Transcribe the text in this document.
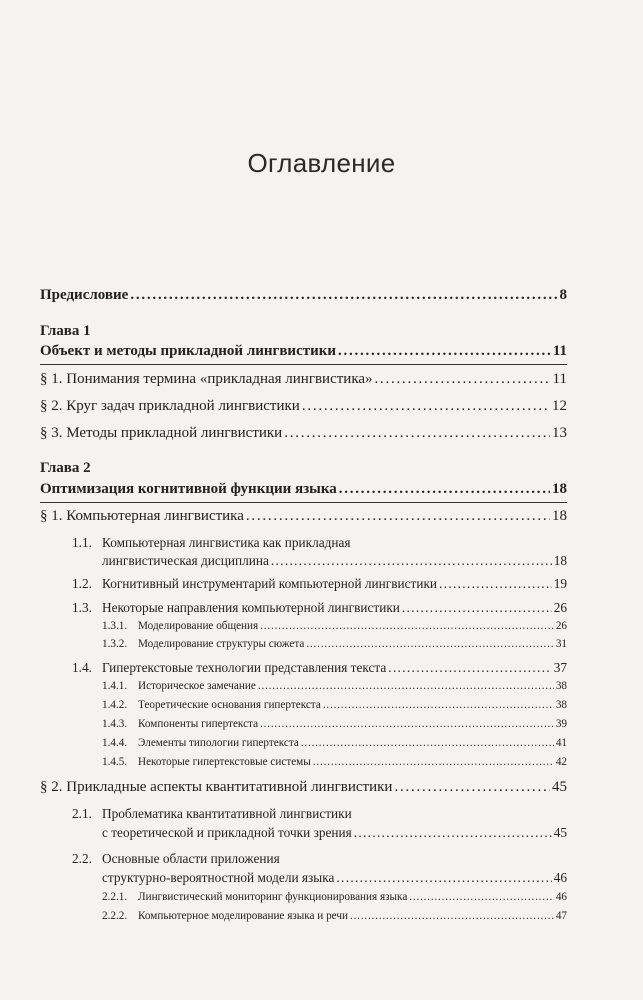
Оглавление
Предисловие . . .	8
Глава 1
Объект и методы прикладной лингвистики . . .	11
§ 1. Понимания термина «прикладная лингвистика» . . .	11
§ 2. Круг задач прикладной лингвистики . . .	12
§ 3. Методы прикладной лингвистики . . .	13
Глава 2
Оптимизация когнитивной функции языка . . .	18
§ 1. Компьютерная лингвистика . . .	18
1.1. Компьютерная лингвистика как прикладная
лингвистическая дисциплина . . .	18
1.2. Когнитивный инструментарий компьютерной лингвистики . . .	19
1.3. Некоторые направления компьютерной лингвистики . . .	26
1.3.1. Моделирование общения . . .	26
1.3.2. Моделирование структуры сюжета . . .	31
1.4. Гипертекстовые технологии представления текста . . .	37
1.4.1. Историческое замечание . . .	38
1.4.2. Теоретические основания гипертекста . . .	38
1.4.3. Компоненты гипертекста . . .	39
1.4.4. Элементы типологии гипертекста . . .	41
1.4.5. Некоторые гипертекстовые системы . . .	42
§ 2. Прикладные аспекты квантитативной лингвистики . . .	45
2.1. Проблематика квантитативной лингвистики
с теоретической и прикладной точки зрения . . .	45
2.2. Основные области приложения
структурно-вероятностной модели языка . . .	46
2.2.1. Лингвистический мониторинг функционирования языка . . .	46
2.2.2. Компьютерное моделирование языка и речи . . .	47
